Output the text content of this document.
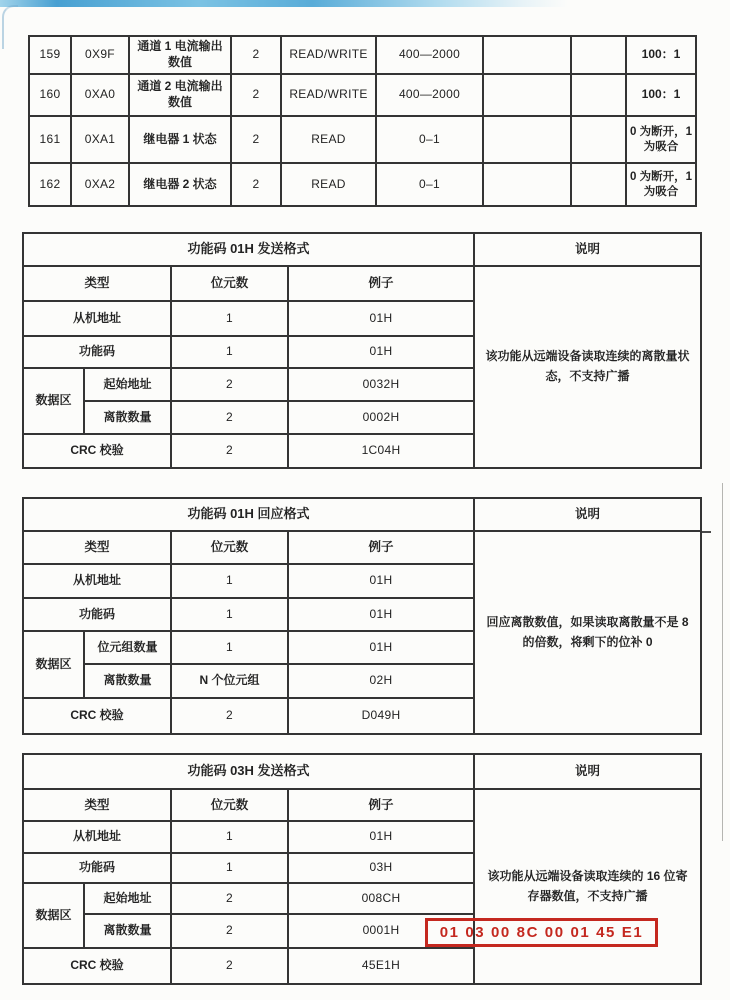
159	0X9F	通道 1 电流输出数值	2	READ/WRITE	400—2000			100：1
160	0XA0	通道 2 电流输出数值	2	READ/WRITE	400—2000			100：1
161	0XA1	继电器 1 状态	2	READ	0–1			0 为断开，1 为吸合
162	0XA2	继电器 2 状态	2	READ	0–1			0 为断开，1 为吸合
功能码 01H 发送格式				说明
类型		位元数	例子	该功能从远端设备读取连续的离散量状态，不支持广播
从机地址		1	01H	
功能码		1	01H	
数据区	起始地址	2	0032H	
	离散数量	2	0002H	
CRC 校验		2	1C04H	
功能码 01H 回应格式				说明
类型		位元数	例子	回应离散数值，如果读取离散量不是 8 的倍数，将剩下的位补 0
从机地址		1	01H	
功能码		1	01H	
数据区	位元组数量	1	01H	
	离散数量	N 个位元组	02H	
CRC 校验		2	D049H	
功能码 03H 发送格式				说明
类型		位元数	例子	该功能从远端设备读取连续的 16 位寄存器数值，不支持广播
从机地址		1	01H	
功能码		1	03H	
数据区	起始地址	2	008CH	
	离散数量	2	0001H	
CRC 校验		2	45E1H	
01 03 00 8C 00 01 45 E1
